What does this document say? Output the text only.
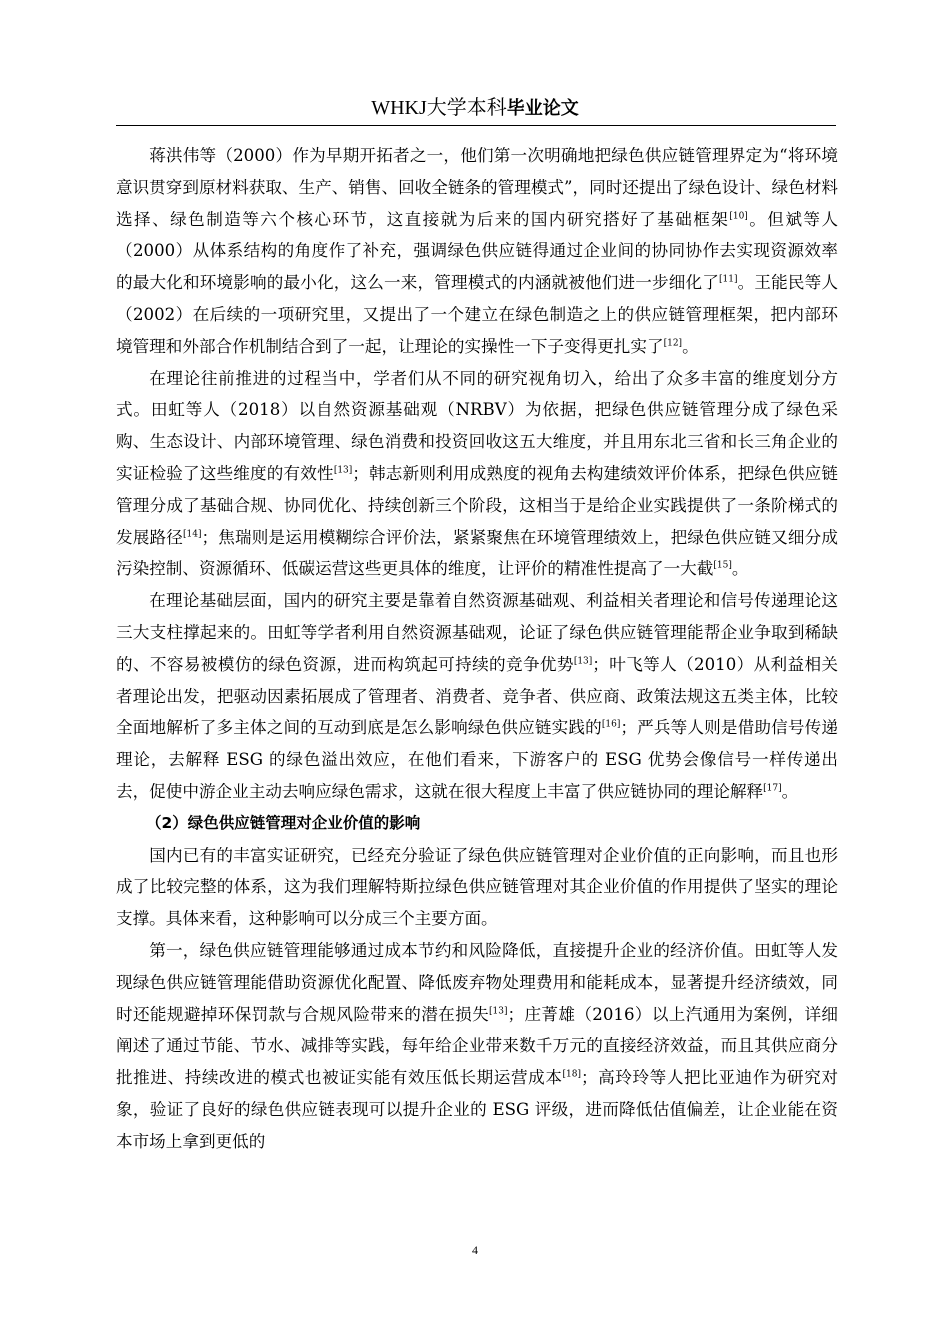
WHKJ大学本科毕业论文

蒋洪伟等（2000）作为早期开拓者之一，他们第一次明确地把绿色供应链管理界定为“将环境意识贯穿到原材料获取、生产、销售、回收全链条的管理模式”，同时还提出了绿色设计、绿色材料选择、绿色制造等六个核心环节，这直接就为后来的国内研究搭好了基础框架[10]。但斌等人（2000）从体系结构的角度作了补充，强调绿色供应链得通过企业间的协同协作去实现资源效率的最大化和环境影响的最小化，这么一来，管理模式的内涵就被他们进一步细化了[11]。王能民等人（2002）在后续的一项研究里，又提出了一个建立在绿色制造之上的供应链管理框架，把内部环境管理和外部合作机制结合到了一起，让理论的实操性一下子变得更扎实了[12]。

在理论往前推进的过程当中，学者们从不同的研究视角切入，给出了众多丰富的维度划分方式。田虹等人（2018）以自然资源基础观（NRBV）为依据，把绿色供应链管理分成了绿色采购、生态设计、内部环境管理、绿色消费和投资回收这五大维度，并且用东北三省和长三角企业的实证检验了这些维度的有效性[13]；韩志新则利用成熟度的视角去构建绩效评价体系，把绿色供应链管理分成了基础合规、协同优化、持续创新三个阶段，这相当于是给企业实践提供了一条阶梯式的发展路径[14]；焦瑞则是运用模糊综合评价法，紧紧聚焦在环境管理绩效上，把绿色供应链又细分成污染控制、资源循环、低碳运营这些更具体的维度，让评价的精准性提高了一大截[15]。

在理论基础层面，国内的研究主要是靠着自然资源基础观、利益相关者理论和信号传递理论这三大支柱撑起来的。田虹等学者利用自然资源基础观，论证了绿色供应链管理能帮企业争取到稀缺的、不容易被模仿的绿色资源，进而构筑起可持续的竞争优势[13]；叶飞等人（2010）从利益相关者理论出发，把驱动因素拓展成了管理者、消费者、竞争者、供应商、政策法规这五类主体，比较全面地解析了多主体之间的互动到底是怎么影响绿色供应链实践的[16]；严兵等人则是借助信号传递理论，去解释 ESG 的绿色溢出效应，在他们看来，下游客户的 ESG 优势会像信号一样传递出去，促使中游企业主动去响应绿色需求，这就在很大程度上丰富了供应链协同的理论解释[17]。

（2）绿色供应链管理对企业价值的影响

国内已有的丰富实证研究，已经充分验证了绿色供应链管理对企业价值的正向影响，而且也形成了比较完整的体系，这为我们理解特斯拉绿色供应链管理对其企业价值的作用提供了坚实的理论支撑。具体来看，这种影响可以分成三个主要方面。

第一，绿色供应链管理能够通过成本节约和风险降低，直接提升企业的经济价值。田虹等人发现绿色供应链管理能借助资源优化配置、降低废弃物处理费用和能耗成本，显著提升经济绩效，同时还能规避掉环保罚款与合规风险带来的潜在损失[13]；庄菁雄（2016）以上汽通用为案例，详细阐述了通过节能、节水、减排等实践，每年给企业带来数千万元的直接经济效益，而且其供应商分批推进、持续改进的模式也被证实能有效压低长期运营成本[18]；高玲玲等人把比亚迪作为研究对象，验证了良好的绿色供应链表现可以提升企业的 ESG 评级，进而降低估值偏差，让企业能在资本市场上拿到更低的

4
